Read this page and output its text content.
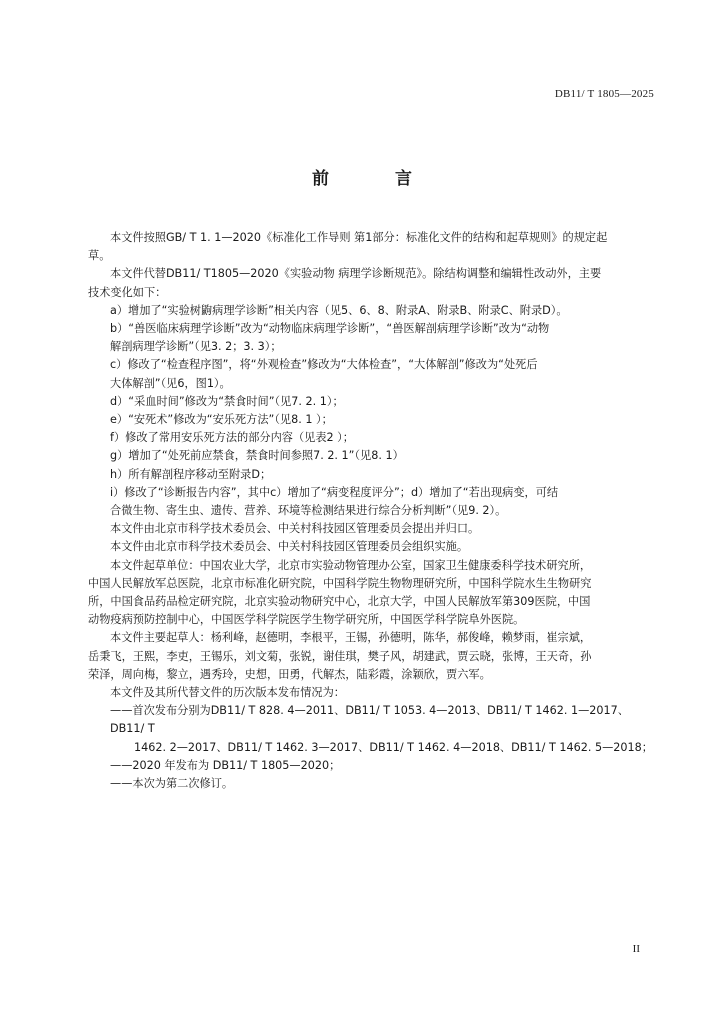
DB11/ T 1805—2025
前 言

本文件按照GB/ T 1. 1—2020《标准化工作导则 第1部分：标准化文件的结构和起草规则》的规定起

草。

本文件代替DB11/ T1805—2020《实验动物 病理学诊断规范》。除结构调整和编辑性改动外，主要

技术变化如下：

a）增加了“实验树鼩病理学诊断”相关内容（见5、6、8、附录A、附录B、附录C、附录D）。

b）“兽医临床病理学诊断”改为“动物临床病理学诊断”，“兽医解剖病理学诊断”改为“动物

解剖病理学诊断”（见3. 2；3. 3）；

c）修改了“检查程序图”，将“外观检查”修改为“大体检查”，“大体解剖”修改为“处死后

大体解剖”（见6，图1）。

d）“采血时间”修改为“禁食时间”（见7. 2. 1）；

e）“安死术”修改为“安乐死方法”（见8. 1 ）；

f）修改了常用安乐死方法的部分内容（见表2 ）；

g）增加了“处死前应禁食，禁食时间参照7. 2. 1”（见8. 1）

h）所有解剖程序移动至附录D；

i）修改了“诊断报告内容”，其中c）增加了“病变程度评分”；d）增加了“若出现病变，可结

合微生物、寄生虫、遗传、营养、环境等检测结果进行综合分析判断”（见9. 2）。

本文件由北京市科学技术委员会、中关村科技园区管理委员会提出并归口。

本文件由北京市科学技术委员会、中关村科技园区管理委员会组织实施。

本文件起草单位：中国农业大学，北京市实验动物管理办公室，国家卫生健康委科学技术研究所，

中国人民解放军总医院，北京市标准化研究院，中国科学院生物物理研究所，中国科学院水生生物研究

所，中国食品药品检定研究院，北京实验动物研究中心，北京大学，中国人民解放军第309医院，中国

动物疫病预防控制中心，中国医学科学院医学生物学研究所，中国医学科学院阜外医院。

本文件主要起草人：杨利峰，赵德明，李根平，王锡，孙德明，陈华，郝俊峰，赖梦雨，崔宗斌，

岳秉飞，王熙，李吏，王锡乐，刘文菊，张锐，谢佳琪，樊子风，胡建武，贾云晓，张博，王天奇，孙

荣泽，周向梅，黎立，遇秀玲，史想，田勇，代解杰，陆彩霞，涂颖欣，贾六军。

本文件及其所代替文件的历次版本发布情况为：

——首次发布分别为DB11/ T 828. 4—2011、DB11/ T 1053. 4—2013、DB11/ T 1462. 1—2017、DB11/ T

1462. 2—2017、DB11/ T 1462. 3—2017、DB11/ T 1462. 4—2018、DB11/ T 1462. 5—2018；

——2020 年发布为 DB11/ T 1805—2020；

——本次为第二次修订。

II
